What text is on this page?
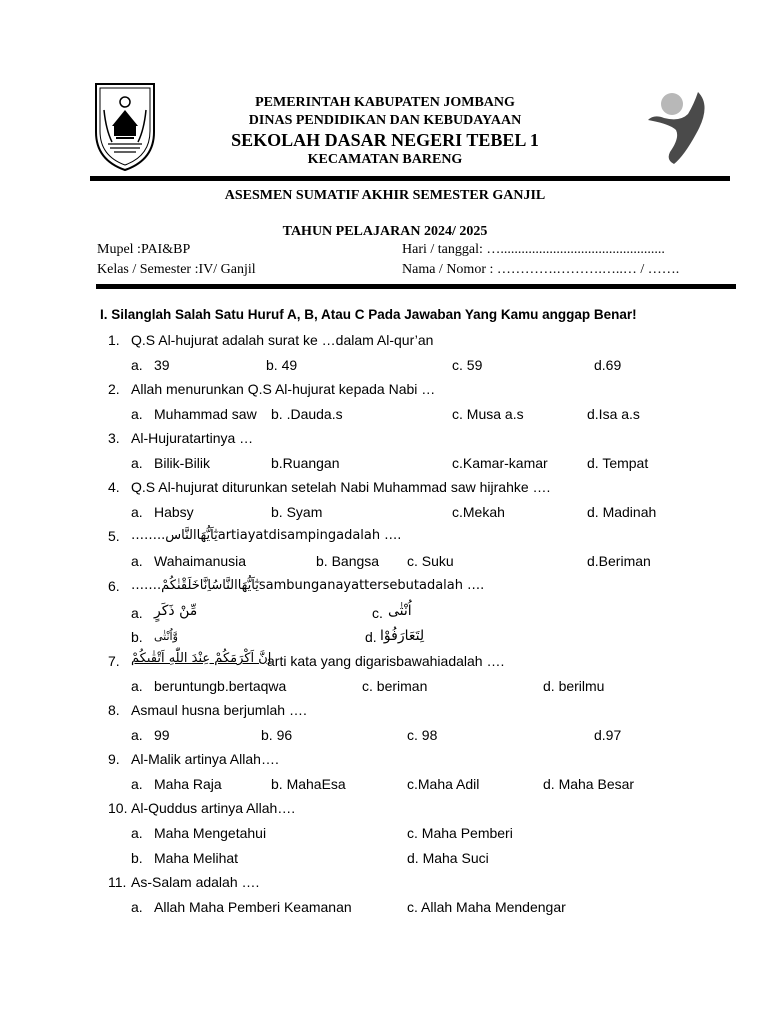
PEMERINTAH KABUPATEN JOMBANG
DINAS PENDIDIKAN DAN KEBUDAYAAN
SEKOLAH DASAR NEGERI TEBEL 1
KECAMATAN BARENG
ASESMEN SUMATIF AKHIR SEMESTER GANJIL
TAHUN PELAJARAN 2024/ 2025
Mupel :PAI&BP
Kelas / Semester :IV/ Ganjil
Hari / tanggal: …...............................................
Nama / Nomor : ………….……….…..… / …….
I. Silanglah Salah Satu Huruf A, B, Atau C Pada Jawaban Yang Kamu anggap Benar!
1. Q.S Al-hujurat adalah surat ke …dalam Al-qur’an
a. 39	b. 49	c. 59	d.69
2. Allah menurunkan Q.S Al-hujurat kepada Nabi …
a. Muhammad saw b. .Dauda.s	c. Musa a.s	d.Isa a.s
3. Al-Hujuratartinya …
a. Bilik-Bilik	b.Ruangan	c.Kamar-kamar	d. Tempat
4. Q.S Al-hujurat diturunkan setelah Nabi Muhammad saw hijrahke ….
a. Habsy	b. Syam	c.Mekah	d. Madinah
5. ……..يٰٓاَيُّهَاالنَّاسartiayatdisampingadalah ….
a. Wahaimanusia	b. Bangsa c. Suku	d.Beriman
6. …….يٰٓاَيُّهَاالنَّاسُاِنَّاخَلَقْنٰكُمْsambunganayattersebutadalah ….
a. مِّنْ ذَكَرٍ	c. اُنْثٰى
b. وَّاُنْثٰى	d. لِتَعَارَفُوْا
7. اِنَّ اَكْرَمَكُمْ عِنْدَ اللّٰهِ اَتْقٰىكُمْ
arti kata yang digarisbawahiadalah ….
a. beruntungb.bertaqwa	c. beriman	d. berilmu
8. Asmaul husna berjumlah ….
a. 99	b. 96	c. 98	d.97
9. Al-Malik artinya Allah….
a. Maha Raja	b. MahaEsa	c.Maha Adil	d. Maha Besar
10. Al-Quddus artinya Allah….
a. Maha Mengetahui	c. Maha Pemberi
b. Maha Melihat	d. Maha Suci
11. As-Salam adalah ….
a. Allah Maha Pemberi Keamanan	c. Allah Maha Mendengar
